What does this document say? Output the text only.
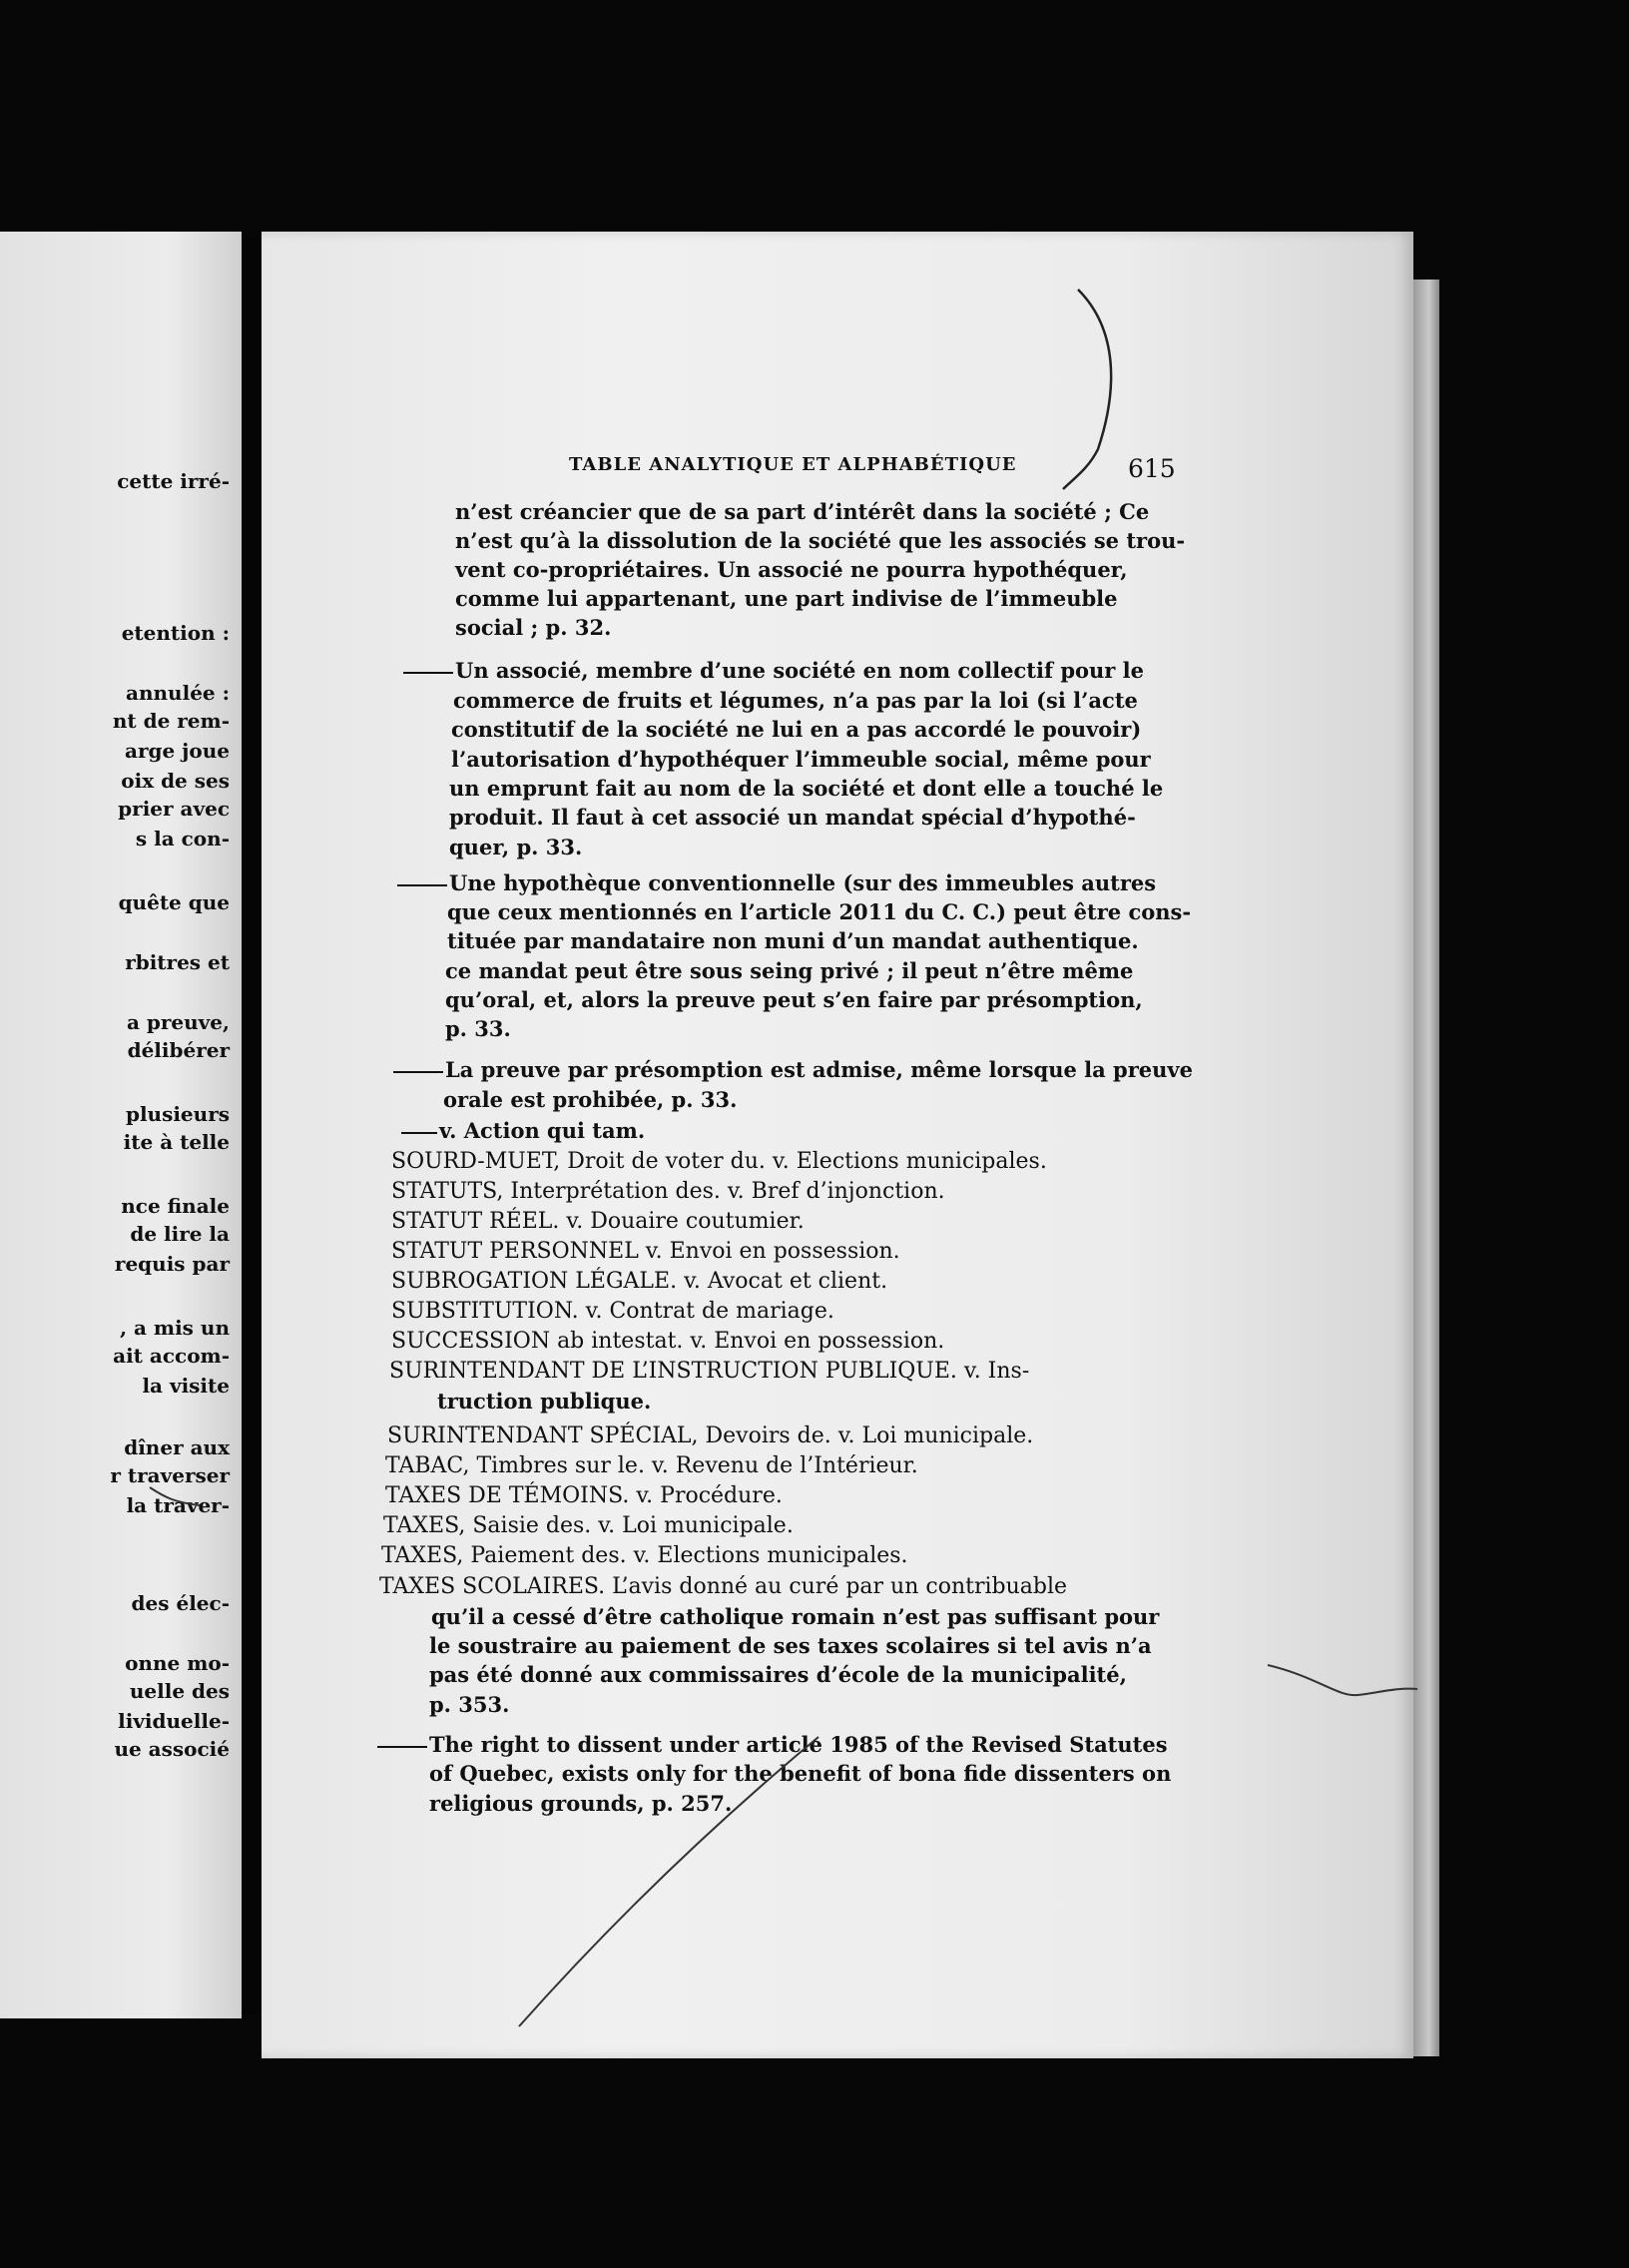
cette irré-
etention :
annulée :
nt de rem-
arge joue
oix de ses
prier avec
s la con-
quête que
rbitres et
a preuve,
délibérer
plusieurs
ite à telle
nce finale
de lire la
requis par
, a mis un
ait accom-
la visite
dîner aux
r traverser
la traver-
des élec-
onne mo-
uelle des
lividuelle-
ue associé
TABLE ANALYTIQUE ET ALPHABÉTIQUE	615
n’est créancier que de sa part d’intérêt dans la société ; Ce
n’est qu’à la dissolution de la société que les associés se trou-
vent co-propriétaires. Un associé ne pourra hypothéquer,
comme lui appartenant, une part indivise de l’immeuble
social ; p. 32.
Un associé, membre d’une société en nom collectif pour le
commerce de fruits et légumes, n’a pas par la loi (si l’acte
constitutif de la société ne lui en a pas accordé le pouvoir)
l’autorisation d’hypothéquer l’immeuble social, même pour
un emprunt fait au nom de la société et dont elle a touché le
produit. Il faut à cet associé un mandat spécial d’hypothé-
quer, p. 33.
Une hypothèque conventionnelle (sur des immeubles autres
que ceux mentionnés en l’article 2011 du C. C.) peut être cons-
tituée par mandataire non muni d’un mandat authentique.
ce mandat peut être sous seing privé ; il peut n’être même
qu’oral, et, alors la preuve peut s’en faire par présomption,
p. 33.
La preuve par présomption est admise, même lorsque la preuve
orale est prohibée, p. 33.
v. Action qui tam.
SOURD-MUET, Droit de voter du. v. Elections municipales.
STATUTS, Interprétation des. v. Bref d’injonction.
STATUT RÉEL. v. Douaire coutumier.
STATUT PERSONNEL v. Envoi en possession.
SUBROGATION LÉGALE. v. Avocat et client.
SUBSTITUTION. v. Contrat de mariage.
SUCCESSION ab intestat. v. Envoi en possession.
SURINTENDANT DE L’INSTRUCTION PUBLIQUE. v. Ins-
truction publique.
SURINTENDANT SPÉCIAL, Devoirs de. v. Loi municipale.
TABAC, Timbres sur le. v. Revenu de l’Intérieur.
TAXES DE TÉMOINS. v. Procédure.
TAXES, Saisie des. v. Loi municipale.
TAXES, Paiement des. v. Elections municipales.
TAXES SCOLAIRES. L’avis donné au curé par un contribuable
qu’il a cessé d’être catholique romain n’est pas suffisant pour
le soustraire au paiement de ses taxes scolaires si tel avis n’a
pas été donné aux commissaires d’école de la municipalité,
p. 353.
The right to dissent under article 1985 of the Revised Statutes
of Quebec, exists only for the benefit of bona fide dissenters on
religious grounds, p. 257.
